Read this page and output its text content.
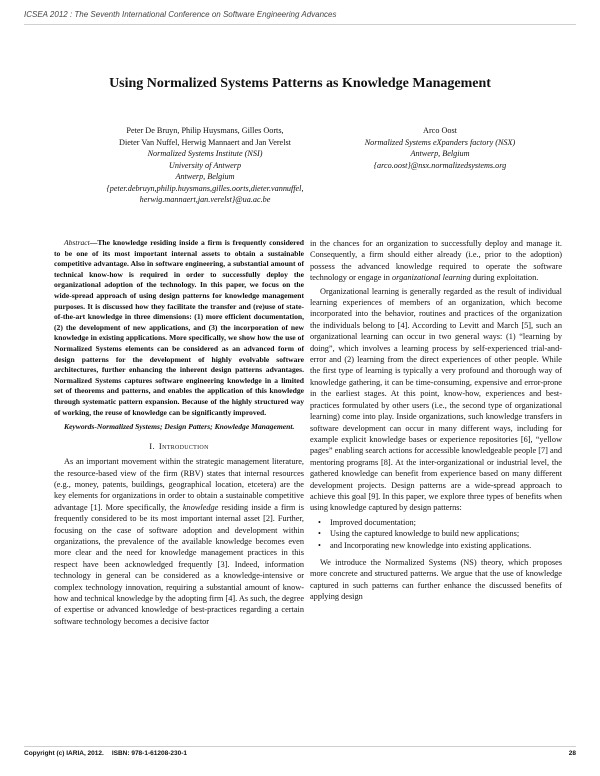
ICSEA 2012 : The Seventh International Conference on Software Engineering Advances
Using Normalized Systems Patterns as Knowledge Management
Peter De Bruyn, Philip Huysmans, Gilles Oorts,
Dieter Van Nuffel, Herwig Mannaert and Jan Verelst
Normalized Systems Institute (NSI)
University of Antwerp
Antwerp, Belgium
{peter.debruyn,philip.huysmans,gilles.oorts,dieter.vannuffel,
herwig.mannaert,jan.verelst}@ua.ac.be
Arco Oost
Normalized Systems eXpanders factory (NSX)
Antwerp, Belgium
{arco.oost}@nsx.normalizedsystems.org

Abstract—The knowledge residing inside a firm is frequently considered to be one of its most important internal assets to obtain a sustainable competitive advantage. Also in software engineering, a substantial amount of technical know-how is required in order to successfully deploy the organizational adoption of the technology. In this paper, we focus on the wide-spread approach of using design patterns for knowledge management purposes. It is discussed how they facilitate the transfer and (re)use of state-of-the-art knowledge in three dimensions: (1) more efficient documentation, (2) the development of new applications, and (3) the incorporation of new knowledge in existing applications. More specifically, we show how the use of Normalized Systems elements can be considered as an advanced form of design patterns for the development of highly evolvable software architectures, further enhancing the inherent design patterns advantages. Normalized Systems captures software engineering knowledge in a limited set of theorems and patterns, and enables the application of this knowledge through systematic pattern expansion. Because of the highly structured way of working, the reuse of knowledge can be significantly improved.

Keywords-Normalized Systems; Design Patters; Knowledge Management.

I. Introduction

As an important movement within the strategic management literature, the resource-based view of the firm (RBV) states that internal resources (e.g., money, patents, buildings, geographical location, etcetera) are the key elements for organizations in order to obtain a sustainable competitive advantage [1]. More specifically, the knowledge residing inside a firm is frequently considered to be its most important internal asset [2]. Further, focusing on the case of software adoption and development within organizations, the prevalence of the available knowledge becomes even more clear and the need for knowledge management practices in this respect have been acknowledged frequently [3]. Indeed, information technology in general can be considered as a knowledge-intensive or complex technology innovation, requiring a substantial amount of know-how and technical knowledge by the adopting firm [4]. As such, the degree of expertise or advanced knowledge of best-practices regarding a certain software technology becomes a decisive factor

in the chances for an organization to successfully deploy and manage it. Consequently, a firm should either already (i.e., prior to the adoption) possess the advanced knowledge required to operate the software technology or engage in organizational learning during exploitation.

Organizational learning is generally regarded as the result of individual learning experiences of members of an organization, which become incorporated into the behavior, routines and practices of the organization the individuals belong to [4]. According to Levitt and March [5], such an organizational learning can occur in two general ways: (1) “learning by doing”, which involves a learning process by self-experienced trial-and-error and (2) learning from the direct experiences of other people. While the first type of learning is typically a very profound and thorough way of knowledge gathering, it can be time-consuming, expensive and error-prone in the earliest stages. At this point, know-how, experiences and best-practices formulated by other users (i.e., the second type of organizational learning) come into play. Inside organizations, such knowledge transfers in software development can occur in many different ways, including for example explicit knowledge bases or experience repositories [6], “yellow pages” enabling search actions for accessible knowledgeable people [7] and mentoring programs [8]. At the inter-organizational or industrial level, the gathered knowledge can benefit from experience based on many different development projects. Design patterns are a wide-spread approach to achieve this goal [9]. In this paper, we explore three types of benefits when using knowledge captured by design patterns:

• Improved documentation;
• Using the captured knowledge to build new applications;
• and Incorporating new knowledge into existing applications.

We introduce the Normalized Systems (NS) theory, which proposes more concrete and structured patterns. We argue that the use of knowledge captured in such patterns can further enhance the discussed benefits of applying design

Copyright (c) IARIA, 2012. ISBN: 978-1-61208-230-1	28
